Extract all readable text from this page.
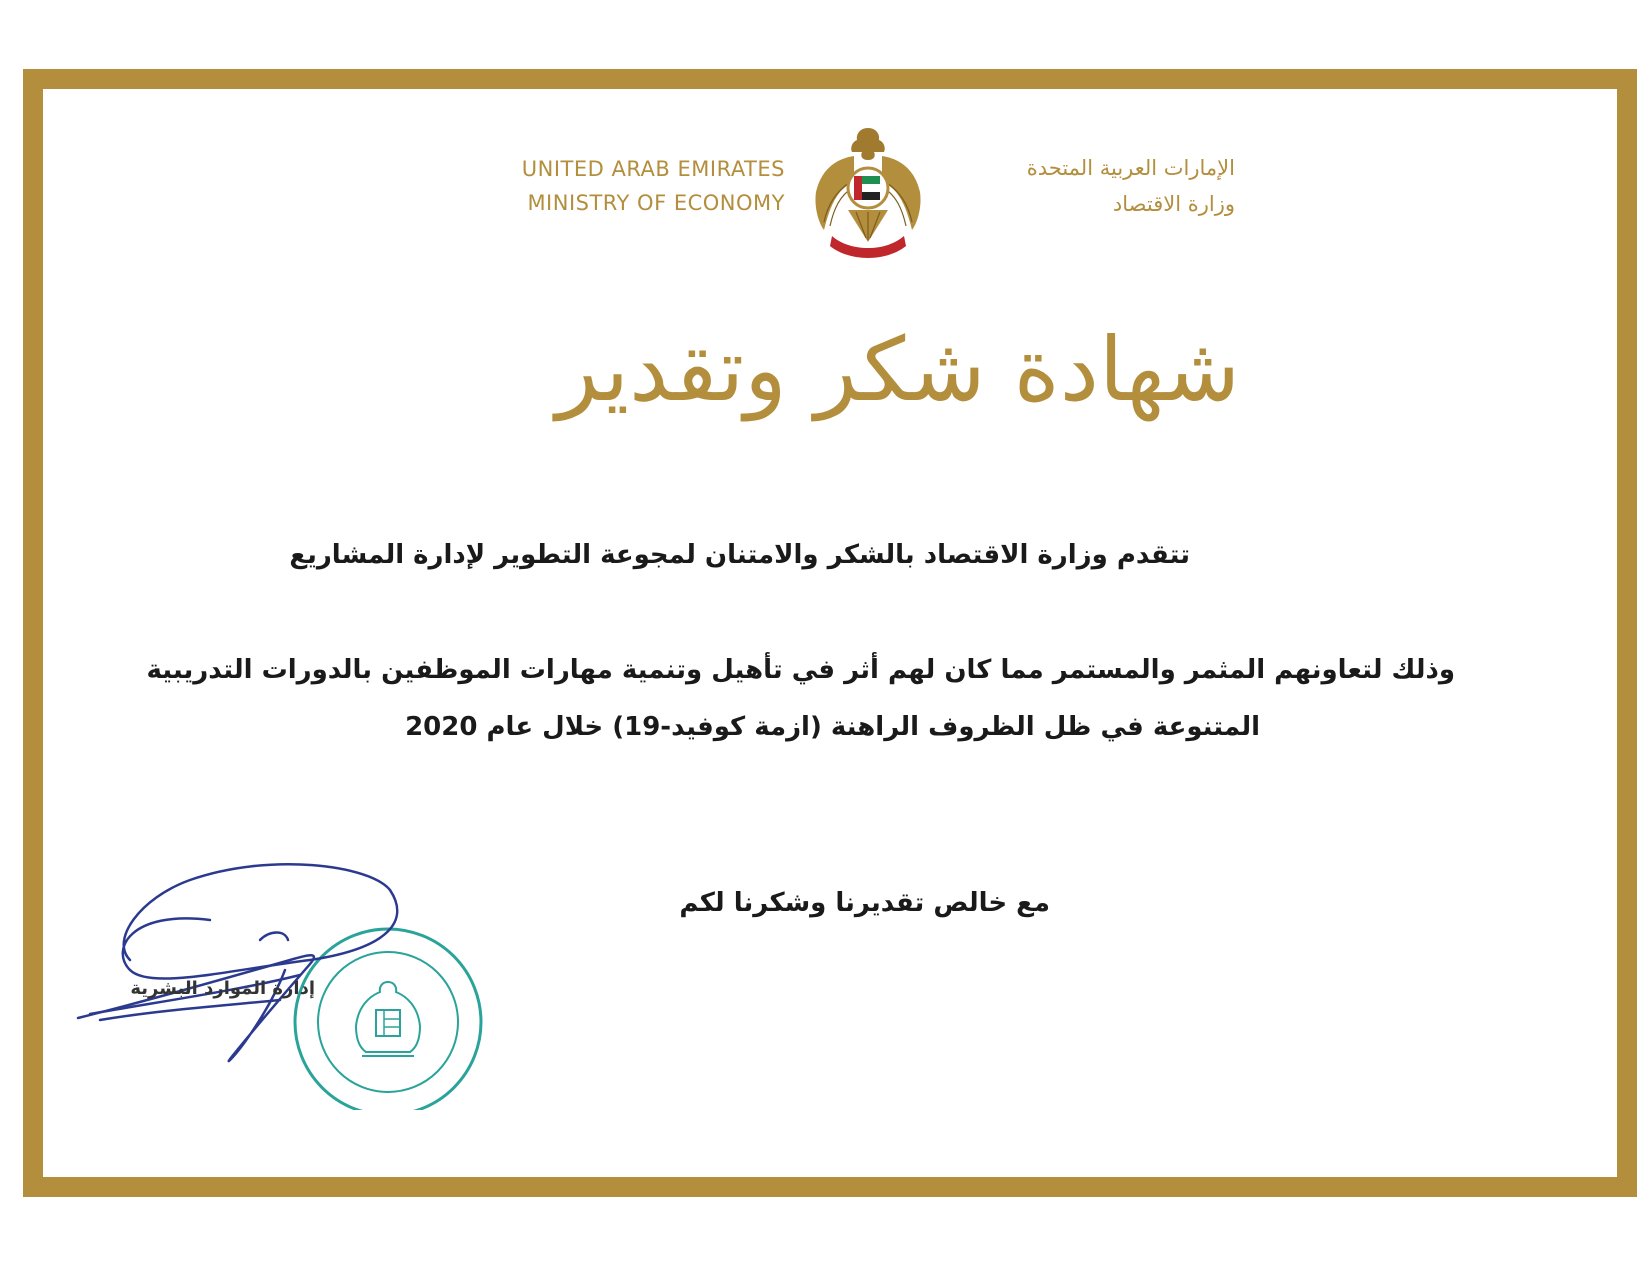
UNITED ARAB EMIRATES
MINISTRY OF ECONOMY
الإمارات العربية المتحدة
وزارة الاقتصاد
شهادة شكر وتقدير
تتقدم وزارة الاقتصاد بالشكر والامتنان لمجوعة التطوير لإدارة المشاريع
وذلك لتعاونهم المثمر والمستمر مما كان لهم أثر في تأهيل وتنمية مهارات الموظفين بالدورات التدريبية
المتنوعة في ظل الظروف الراهنة (ازمة كوفيد-19) خلال عام 2020
مع خالص تقديرنا وشكرنا لكم
إدارة الموارد البشرية
